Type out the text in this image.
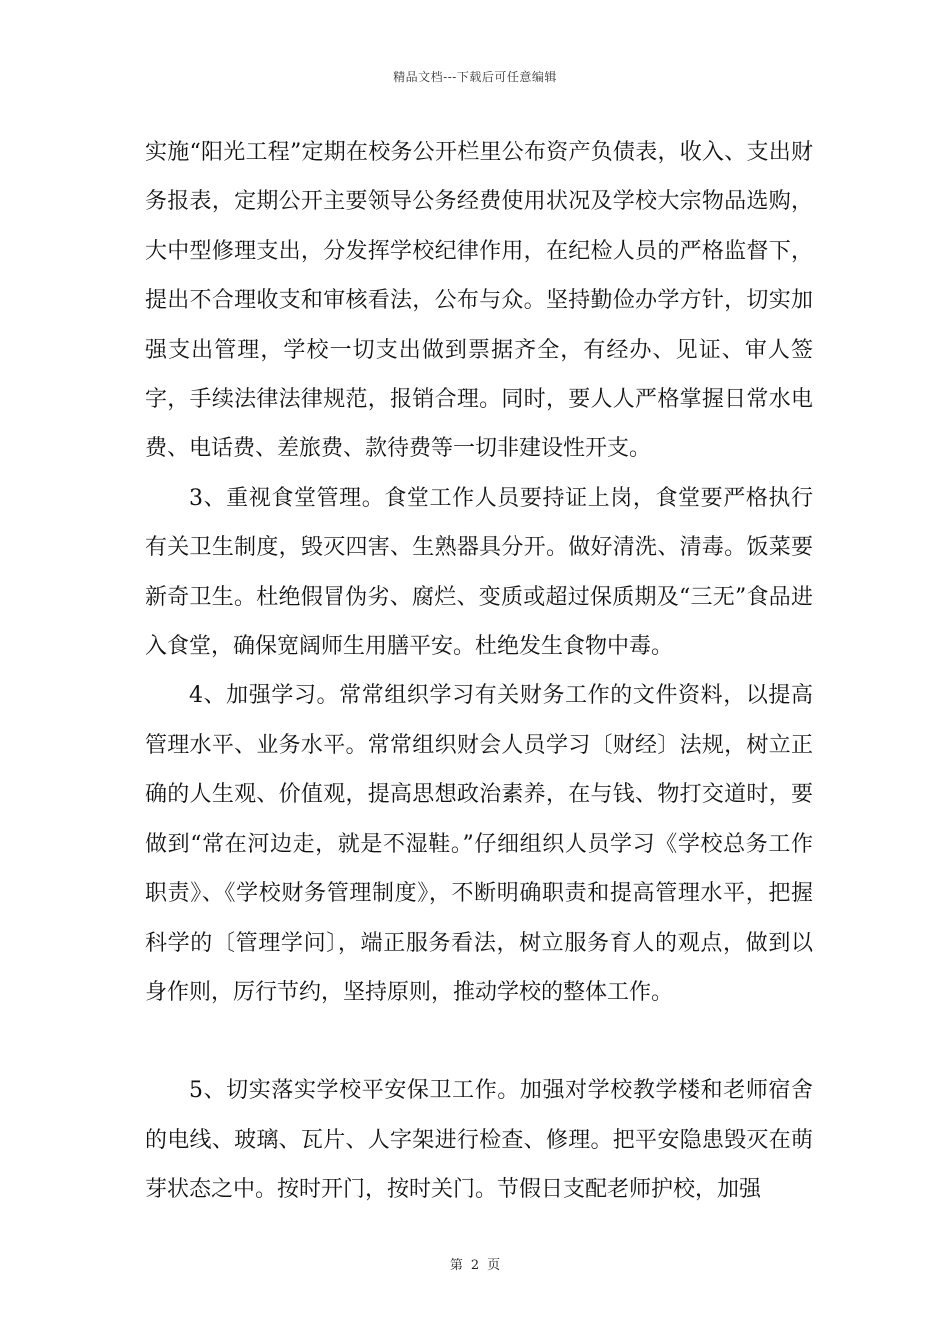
精品文档---下载后可任意编辑

实施“阳光工程”定期在校务公开栏里公布资产负债表，收入、支出财务报表，定期公开主要领导公务经费使用状况及学校大宗物品选购，大中型修理支出，分发挥学校纪律作用，在纪检人员的严格监督下，提出不合理收支和审核看法，公布与众。坚持勤俭办学方针，切实加强支出管理，学校一切支出做到票据齐全，有经办、见证、审人签字，手续法律法律规范，报销合理。同时，要人人严格掌握日常水电费、电话费、差旅费、款待费等一切非建设性开支。

3、重视食堂管理。食堂工作人员要持证上岗，食堂要严格执行有关卫生制度，毁灭四害、生熟器具分开。做好清洗、清毒。饭菜要新奇卫生。杜绝假冒伪劣、腐烂、变质或超过保质期及“三无”食品进入食堂，确保宽阔师生用膳平安。杜绝发生食物中毒。

4、加强学习。常常组织学习有关财务工作的文件资料，以提高管理水平、业务水平。常常组织财会人员学习〔财经〕法规，树立正确的人生观、价值观，提高思想政治素养，在与钱、物打交道时，要做到“常在河边走，就是不湿鞋。”仔细组织人员学习《学校总务工作职责》、《学校财务管理制度》，不断明确职责和提高管理水平，把握科学的〔管理学问〕，端正服务看法，树立服务育人的观点，做到以身作则，厉行节约，坚持原则，推动学校的整体工作。

5、切实落实学校平安保卫工作。加强对学校教学楼和老师宿舍的电线、玻璃、瓦片、人字架进行检查、修理。把平安隐患毁灭在萌芽状态之中。按时开门，按时关门。节假日支配老师护校，加强

第 2 页
